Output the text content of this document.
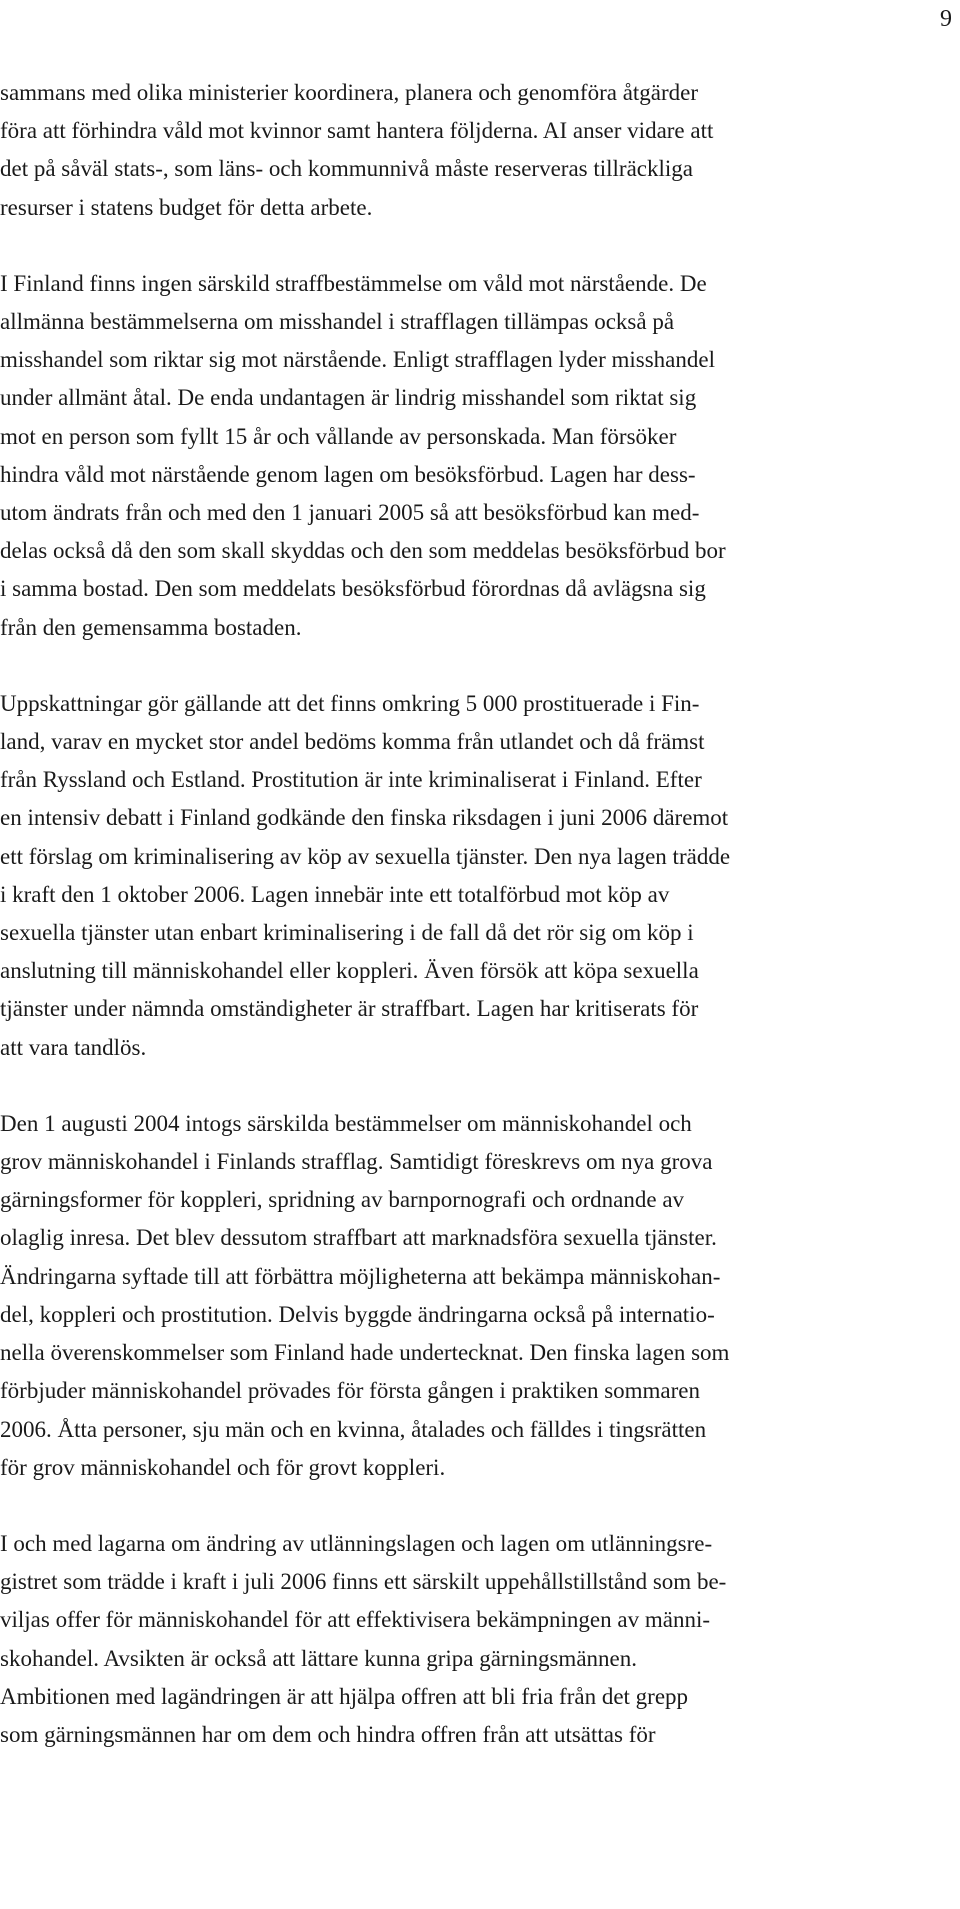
9

sammans med olika ministerier koordinera, planera och genomföra åtgärder
föra att förhindra våld mot kvinnor samt hantera följderna. AI anser vidare att
det på såväl stats-, som läns- och kommunnivå måste reserveras tillräckliga
resurser i statens budget för detta arbete.

I Finland finns ingen särskild straffbestämmelse om våld mot närstående. De
allmänna bestämmelserna om misshandel i strafflagen tillämpas också på
misshandel som riktar sig mot närstående. Enligt strafflagen lyder misshandel
under allmänt åtal. De enda undantagen är lindrig misshandel som riktat sig
mot en person som fyllt 15 år och vållande av personskada. Man försöker
hindra våld mot närstående genom lagen om besöksförbud. Lagen har dess-
utom ändrats från och med den 1 januari 2005 så att besöksförbud kan med-
delas också då den som skall skyddas och den som meddelas besöksförbud bor
i samma bostad. Den som meddelats besöksförbud förordnas då avlägsna sig
från den gemensamma bostaden.

Uppskattningar gör gällande att det finns omkring 5 000 prostituerade i Fin-
land, varav en mycket stor andel bedöms komma från utlandet och då främst
från Ryssland och Estland. Prostitution är inte kriminaliserat i Finland. Efter
en intensiv debatt i Finland godkände den finska riksdagen i juni 2006 däremot
ett förslag om kriminalisering av köp av sexuella tjänster. Den nya lagen trädde
i kraft den 1 oktober 2006. Lagen innebär inte ett totalförbud mot köp av
sexuella tjänster utan enbart kriminalisering i de fall då det rör sig om köp i
anslutning till människohandel eller koppleri. Även försök att köpa sexuella
tjänster under nämnda omständigheter är straffbart. Lagen har kritiserats för
att vara tandlös.

Den 1 augusti 2004 intogs särskilda bestämmelser om människohandel och
grov människohandel i Finlands strafflag. Samtidigt föreskrevs om nya grova
gärningsformer för koppleri, spridning av barnpornografi och ordnande av
olaglig inresa. Det blev dessutom straffbart att marknadsföra sexuella tjänster.
Ändringarna syftade till att förbättra möjligheterna att bekämpa människohan-
del, koppleri och prostitution. Delvis byggde ändringarna också på internatio-
nella överenskommelser som Finland hade undertecknat. Den finska lagen som
förbjuder människohandel prövades för första gången i praktiken sommaren
2006. Åtta personer, sju män och en kvinna, åtalades och fälldes i tingsrätten
för grov människohandel och för grovt koppleri.

I och med lagarna om ändring av utlänningslagen och lagen om utlänningsre-
gistret som trädde i kraft i juli 2006 finns ett särskilt uppehållstillstånd som be-
viljas offer för människohandel för att effektivisera bekämpningen av männi-
skohandel. Avsikten är också att lättare kunna gripa gärningsmännen.
Ambitionen med lagändringen är att hjälpa offren att bli fria från det grepp
som gärningsmännen har om dem och hindra offren från att utsättas för
